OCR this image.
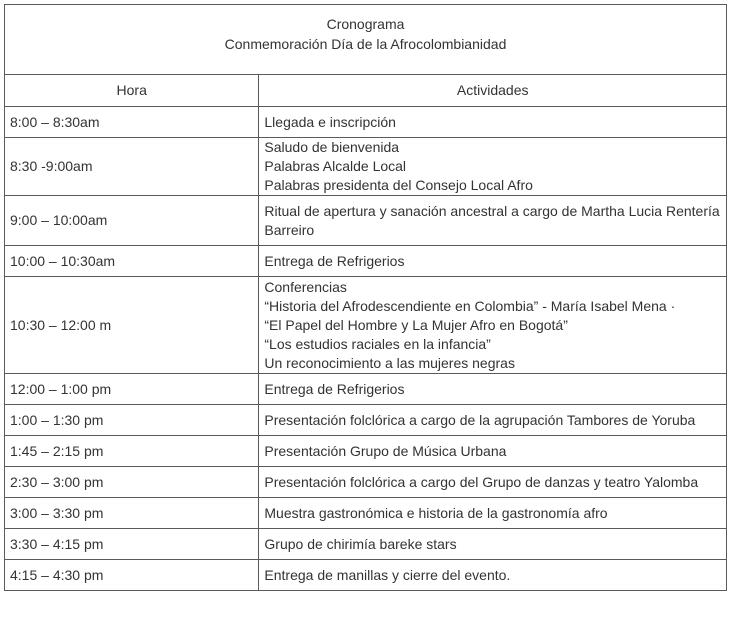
Cronograma
Conmemoración Día de la Afrocolombianidad	

Hora	Actividades
8:00 – 8:30am	Llegada e inscripción

8:30 -9:00am	Saludo de bienvenida
Palabras Alcalde Local
Palabras presidenta del Consejo Local Afro

9:00 – 10:00am	Ritual de apertura y sanación ancestral a cargo de Martha Lucia Rentería Barreiro

10:00 – 10:30am	Entrega de Refrigerios

10:30 – 12:00 m	Conferencias
“Historia del Afrodescendiente en Colombia” - María Isabel Mena ·
“El Papel del Hombre y La Mujer Afro en Bogotá”
“Los estudios raciales en la infancia”
Un reconocimiento a las mujeres negras

12:00 – 1:00 pm	Entrega de Refrigerios

1:00 – 1:30 pm	Presentación folclórica a cargo de la agrupación Tambores de Yoruba

1:45 – 2:15 pm	Presentación Grupo de Música Urbana

2:30 – 3:00 pm	Presentación folclórica a cargo del Grupo de danzas y teatro Yalomba

3:00 – 3:30 pm	Muestra gastronómica e historia de la gastronomía afro

3:30 – 4:15 pm	Grupo de chirimía bareke stars

4:15 – 4:30 pm	Entrega de manillas y cierre del evento.
